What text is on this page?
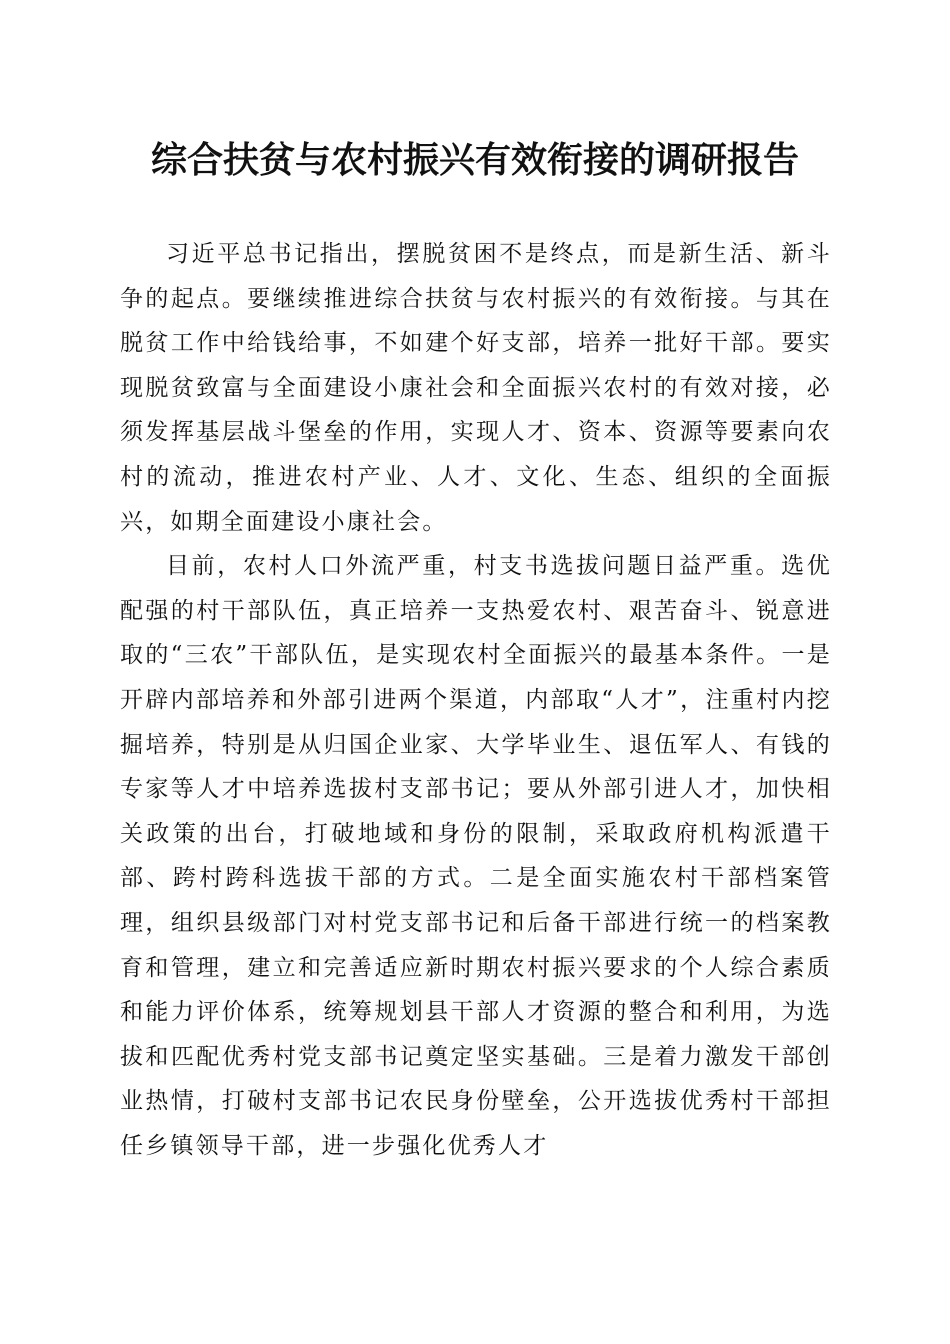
综合扶贫与农村振兴有效衔接的调研报告

习近平总书记指出，摆脱贫困不是终点，而是新生活、新斗争的起点。要继续推进综合扶贫与农村振兴的有效衔接。与其在脱贫工作中给钱给事，不如建个好支部，培养一批好干部。要实现脱贫致富与全面建设小康社会和全面振兴农村的有效对接，必须发挥基层战斗堡垒的作用，实现人才、资本、资源等要素向农村的流动，推进农村产业、人才、文化、生态、组织的全面振兴，如期全面建设小康社会。

目前，农村人口外流严重，村支书选拔问题日益严重。选优配强的村干部队伍，真正培养一支热爱农村、艰苦奋斗、锐意进取的“三农”干部队伍，是实现农村全面振兴的最基本条件。一是开辟内部培养和外部引进两个渠道，内部取“人才”，注重村内挖掘培养，特别是从归国企业家、大学毕业生、退伍军人、有钱的专家等人才中培养选拔村支部书记；要从外部引进人才，加快相关政策的出台，打破地域和身份的限制，采取政府机构派遣干部、跨村跨科选拔干部的方式。二是全面实施农村干部档案管理，组织县级部门对村党支部书记和后备干部进行统一的档案教育和管理，建立和完善适应新时期农村振兴要求的个人综合素质和能力评价体系，统筹规划县干部人才资源的整合和利用，为选拔和匹配优秀村党支部书记奠定坚实基础。三是着力激发干部创业热情，打破村支部书记农民身份壁垒，公开选拔优秀村干部担任乡镇领导干部，进一步强化优秀人才
